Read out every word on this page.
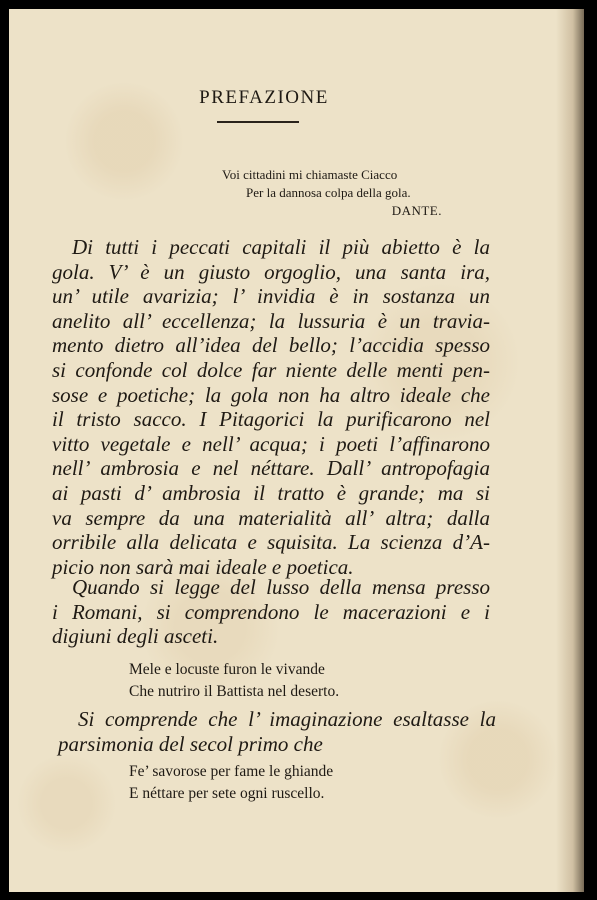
PREFAZIONE
Voi cittadini mi chiamaste Ciacco
Per la dannosa colpa della gola.
DANTE.
Di tutti i peccati capitali il più abietto è la
gola. V’ è un giusto orgoglio, una santa ira,
un’ utile avarizia; l’ invidia è in sostanza un
anelito all’ eccellenza; la lussuria è un travia-
mento dietro all’idea del bello; l’accidia spesso
si confonde col dolce far niente delle menti pen-
sose e poetiche; la gola non ha altro ideale che
il tristo sacco. I Pitagorici la purificarono nel
vitto vegetale e nell’ acqua; i poeti l’affinarono
nell’ ambrosia e nel néttare. Dall’ antropofagia
ai pasti d’ ambrosia il tratto è grande; ma si
va sempre da una materialità all’ altra; dalla
orribile alla delicata e squisita. La scienza d’A-
picio non sarà mai ideale e poetica.
Quando si legge del lusso della mensa presso
i Romani, si comprendono le macerazioni e i
digiuni degli asceti.
Mele e locuste furon le vivande
Che nutriro il Battista nel deserto.
Si comprende che l’ imaginazione esaltasse la
parsimonia del secol primo che
Fe’ savorose per fame le ghiande
E néttare per sete ogni ruscello.
